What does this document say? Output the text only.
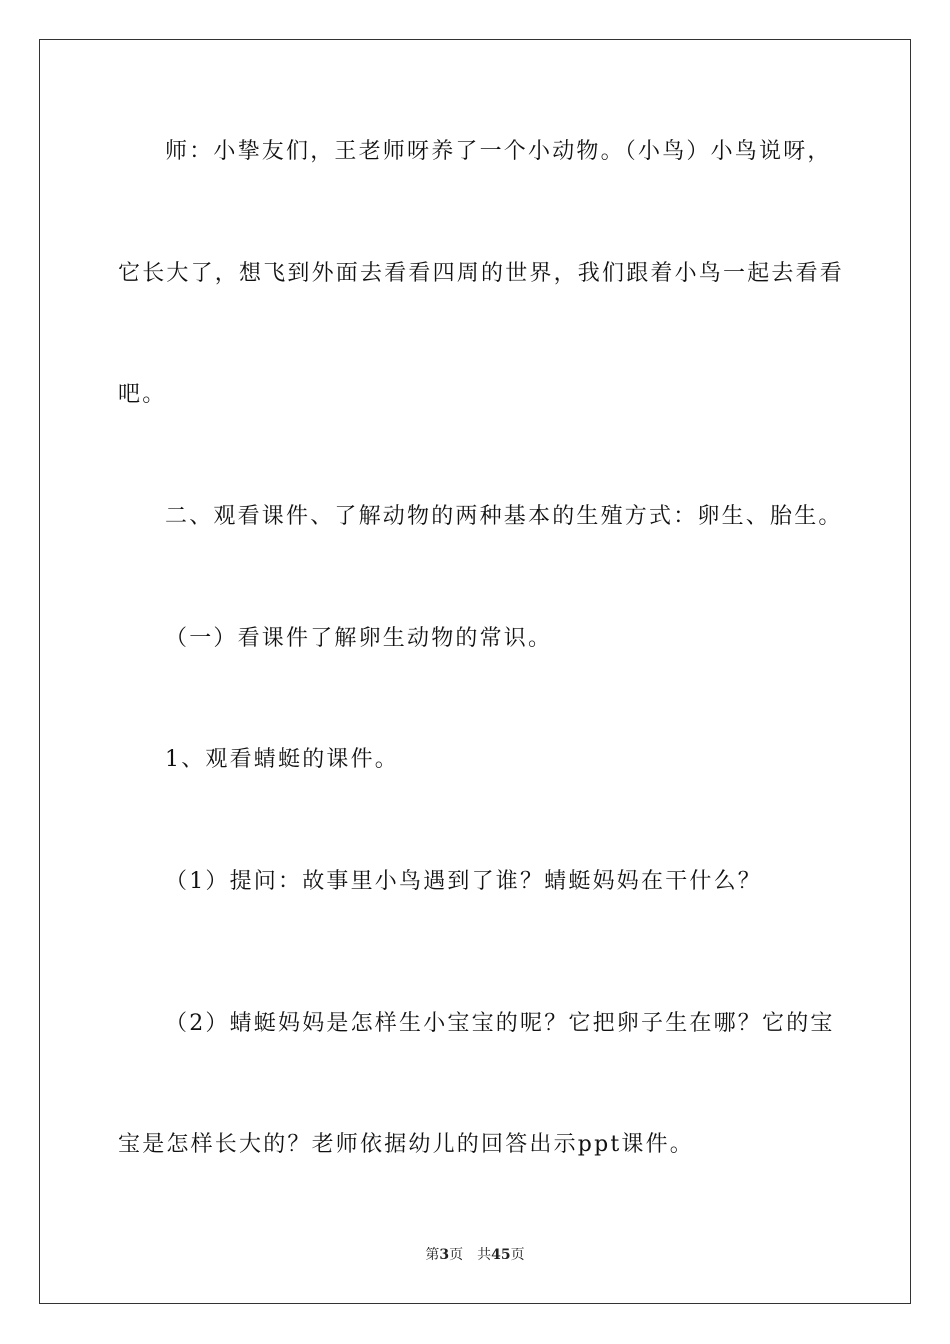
师：小挚友们，王老师呀养了一个小动物。（小鸟）小鸟说呀，
它长大了，想飞到外面去看看四周的世界，我们跟着小鸟一起去看看
吧。
二、观看课件、了解动物的两种基本的生殖方式：卵生、胎生。
（一）看课件了解卵生动物的常识。
1、观看蜻蜓的课件。
（1）提问：故事里小鸟遇到了谁？蜻蜓妈妈在干什么？
（2）蜻蜓妈妈是怎样生小宝宝的呢？它把卵子生在哪？它的宝
宝是怎样长大的？老师依据幼儿的回答出示ppt课件。
第3页 共45页
